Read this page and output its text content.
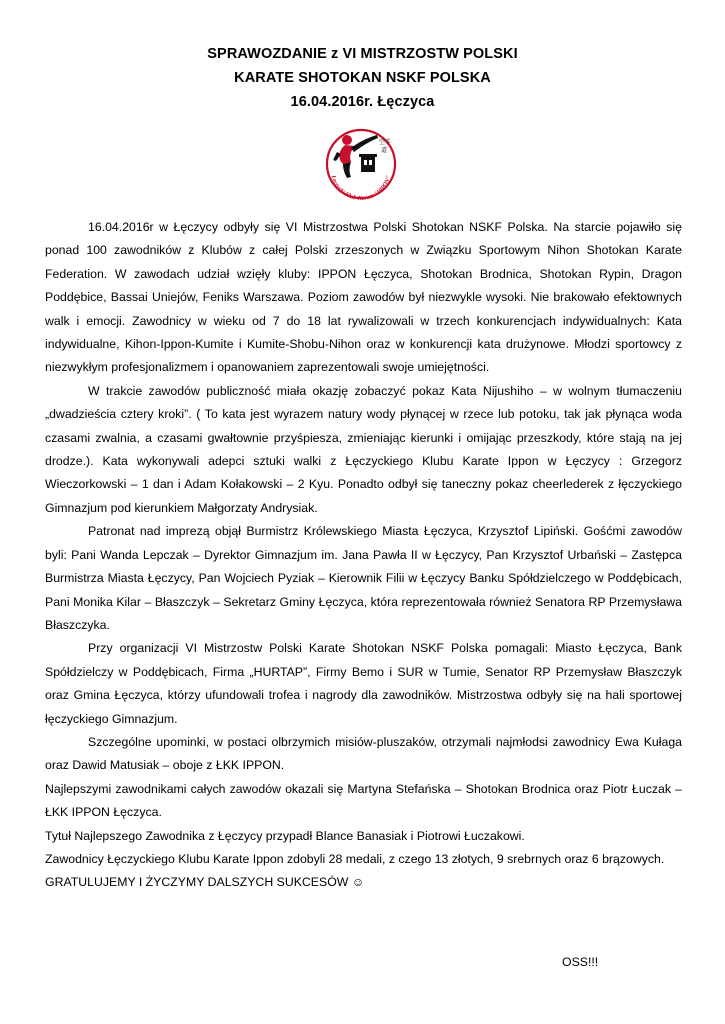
SPRAWOZDANIE z VI MISTRZOSTW POLSKI
KARATE SHOTOKAN NSKF POLSKA
16.04.2016r. Łęczyca
空手
道
Łęczycki Klub Karate "IPPON"

16.04.2016r w Łęczycy odbyły się VI Mistrzostwa Polski Shotokan NSKF Polska. Na starcie pojawiło się ponad 100 zawodników z Klubów z całej Polski zrzeszonych w Związku Sportowym Nihon Shotokan Karate Federation. W zawodach udział wzięły kluby: IPPON Łęczyca, Shotokan Brodnica, Shotokan Rypin, Dragon Poddębice, Bassai Uniejów, Feniks Warszawa. Poziom zawodów był niezwykle wysoki. Nie brakowało efektownych walk i emocji. Zawodnicy w wieku od 7 do 18 lat rywalizowali w trzech konkurencjach indywidualnych: Kata indywidualne, Kihon-Ippon-Kumite i Kumite-Shobu-Nihon oraz w konkurencji kata drużynowe. Młodzi sportowcy z niezwykłym profesjonalizmem i opanowaniem zaprezentowali swoje umiejętności.

W trakcie zawodów publiczność miała okazję zobaczyć pokaz Kata Nijushiho – w wolnym tłumaczeniu „dwadzieścia cztery kroki”. ( To kata jest wyrazem natury wody płynącej w rzece lub potoku, tak jak płynąca woda czasami zwalnia, a czasami gwałtownie przyśpiesza, zmieniając kierunki i omijając przeszkody, które stają na jej drodze.). Kata wykonywali adepci sztuki walki z Łęczyckiego Klubu Karate Ippon w Łęczycy : Grzegorz Wieczorkowski – 1 dan i Adam Kołakowski – 2 Kyu. Ponadto odbył się taneczny pokaz cheerlederek z łęczyckiego Gimnazjum pod kierunkiem Małgorzaty Andrysiak.

Patronat nad imprezą objął Burmistrz Królewskiego Miasta Łęczyca, Krzysztof Lipiński. Gośćmi zawodów byli: Pani Wanda Lepczak – Dyrektor Gimnazjum im. Jana Pawła II w Łęczycy, Pan Krzysztof Urbański – Zastępca Burmistrza Miasta Łęczycy, Pan Wojciech Pyziak – Kierownik Filii w Łęczycy Banku Spółdzielczego w Poddębicach, Pani Monika Kilar – Błaszczyk – Sekretarz Gminy Łęczyca, która reprezentowała również Senatora RP Przemysława Błaszczyka.

Przy organizacji VI Mistrzostw Polski Karate Shotokan NSKF Polska pomagali: Miasto Łęczyca, Bank Spółdzielczy w Poddębicach, Firma „HURTAP”, Firmy Bemo i SUR w Tumie, Senator RP Przemysław Błaszczyk oraz Gmina Łęczyca, którzy ufundowali trofea i nagrody dla zawodników. Mistrzostwa odbyły się na hali sportowej łęczyckiego Gimnazjum.

Szczególne upominki, w postaci olbrzymich misiów-pluszaków, otrzymali najmłodsi zawodnicy Ewa Kułaga oraz Dawid Matusiak – oboje z ŁKK IPPON.

Najlepszymi zawodnikami całych zawodów okazali się Martyna Stefańska – Shotokan Brodnica oraz Piotr Łuczak – ŁKK IPPON Łęczyca.

Tytuł Najlepszego Zawodnika z Łęczycy przypadł Blance Banasiak i Piotrowi Łuczakowi.

Zawodnicy Łęczyckiego Klubu Karate Ippon zdobyli 28 medali, z czego 13 złotych, 9 srebrnych oraz 6 brązowych.

GRATULUJEMY I ŻYCZYMY DALSZYCH SUKCESÓW ☺

OSS!!!
